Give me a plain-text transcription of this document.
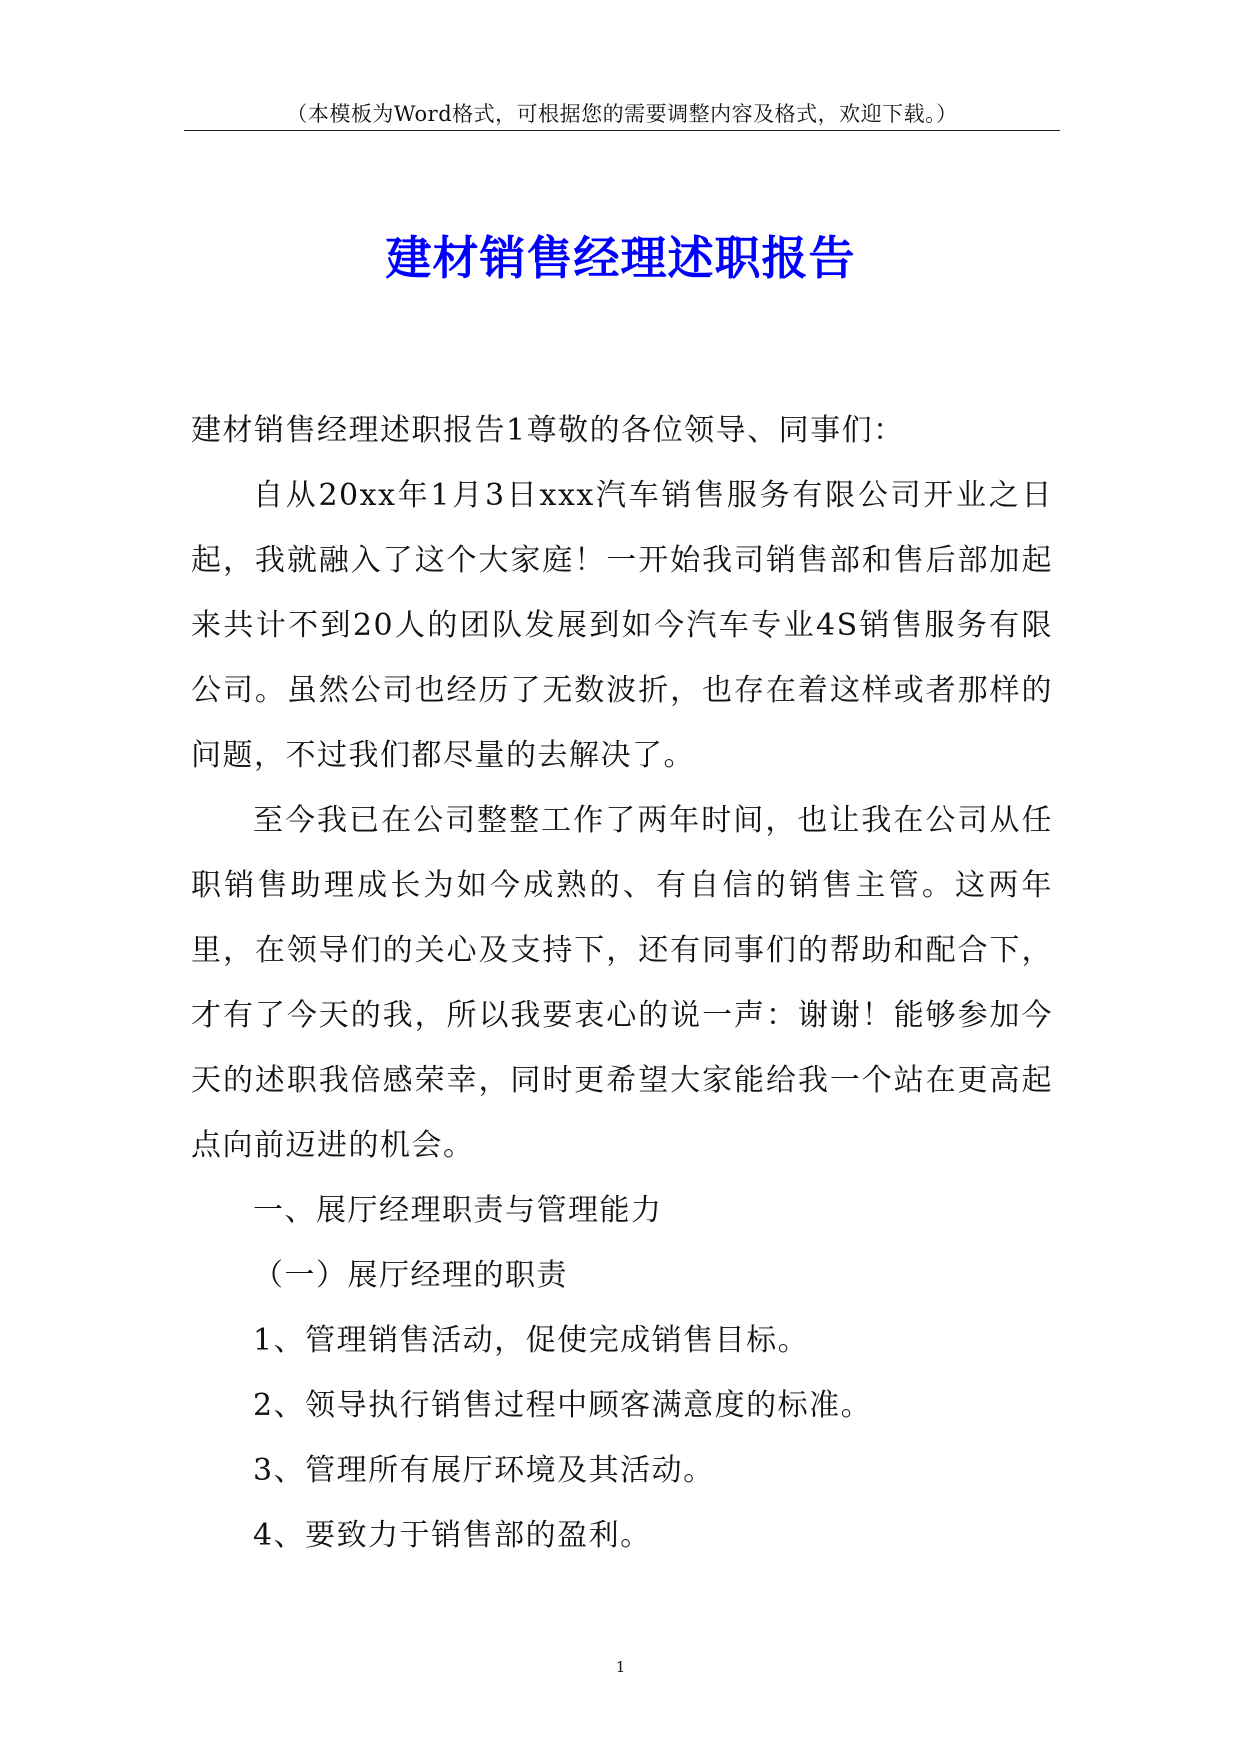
（本模板为Word格式，可根据您的需要调整内容及格式，欢迎下载。）
建材销售经理述职报告

建材销售经理述职报告1尊敬的各位领导、同事们：

自从20xx年1月3日xxx汽车销售服务有限公司开业之日起，我就融入了这个大家庭！一开始我司销售部和售后部加起来共计不到20人的团队发展到如今汽车专业4S销售服务有限公司。虽然公司也经历了无数波折，也存在着这样或者那样的问题，不过我们都尽量的去解决了。

至今我已在公司整整工作了两年时间，也让我在公司从任职销售助理成长为如今成熟的、有自信的销售主管。这两年里，在领导们的关心及支持下，还有同事们的帮助和配合下，才有了今天的我，所以我要衷心的说一声：谢谢！能够参加今天的述职我倍感荣幸，同时更希望大家能给我一个站在更高起点向前迈进的机会。

一、展厅经理职责与管理能力

（一）展厅经理的职责

1、管理销售活动，促使完成销售目标。

2、领导执行销售过程中顾客满意度的标准。

3、管理所有展厅环境及其活动。

4、要致力于销售部的盈利。

1
